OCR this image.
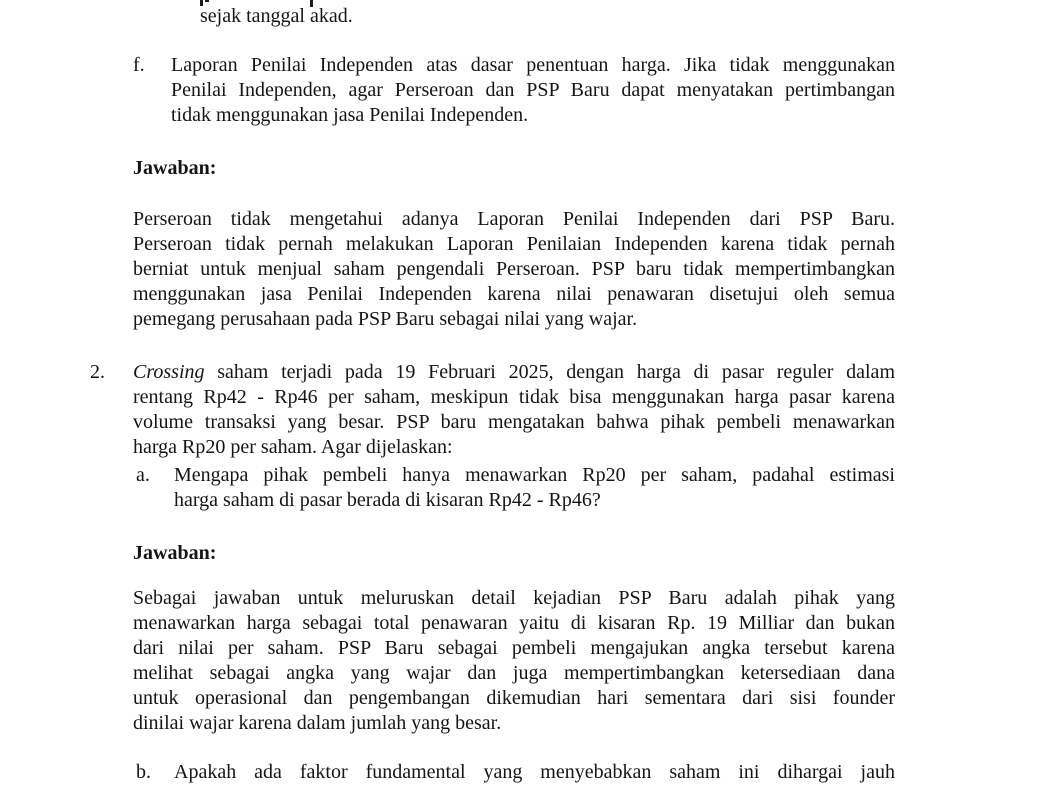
sejak tanggal akad.
f. Laporan Penilai Independen atas dasar penentuan harga. Jika tidak menggunakan
Penilai Independen, agar Perseroan dan PSP Baru dapat menyatakan pertimbangan
tidak menggunakan jasa Penilai Independen.
Jawaban:
Perseroan tidak mengetahui adanya Laporan Penilai Independen dari PSP Baru.
Perseroan tidak pernah melakukan Laporan Penilaian Independen karena tidak pernah
berniat untuk menjual saham pengendali Perseroan. PSP baru tidak mempertimbangkan
menggunakan jasa Penilai Independen karena nilai penawaran disetujui oleh semua
pemegang perusahaan pada PSP Baru sebagai nilai yang wajar.
2. Crossing saham terjadi pada 19 Februari 2025, dengan harga di pasar reguler dalam
rentang Rp42 - Rp46 per saham, meskipun tidak bisa menggunakan harga pasar karena
volume transaksi yang besar. PSP baru mengatakan bahwa pihak pembeli menawarkan
harga Rp20 per saham. Agar dijelaskan:
a. Mengapa pihak pembeli hanya menawarkan Rp20 per saham, padahal estimasi
harga saham di pasar berada di kisaran Rp42 - Rp46?
Jawaban:
Sebagai jawaban untuk meluruskan detail kejadian PSP Baru adalah pihak yang
menawarkan harga sebagai total penawaran yaitu di kisaran Rp. 19 Milliar dan bukan
dari nilai per saham. PSP Baru sebagai pembeli mengajukan angka tersebut karena
melihat sebagai angka yang wajar dan juga mempertimbangkan ketersediaan dana
untuk operasional dan pengembangan dikemudian hari sementara dari sisi founder
dinilai wajar karena dalam jumlah yang besar.
b. Apakah ada faktor fundamental yang menyebabkan saham ini dihargai jauh
